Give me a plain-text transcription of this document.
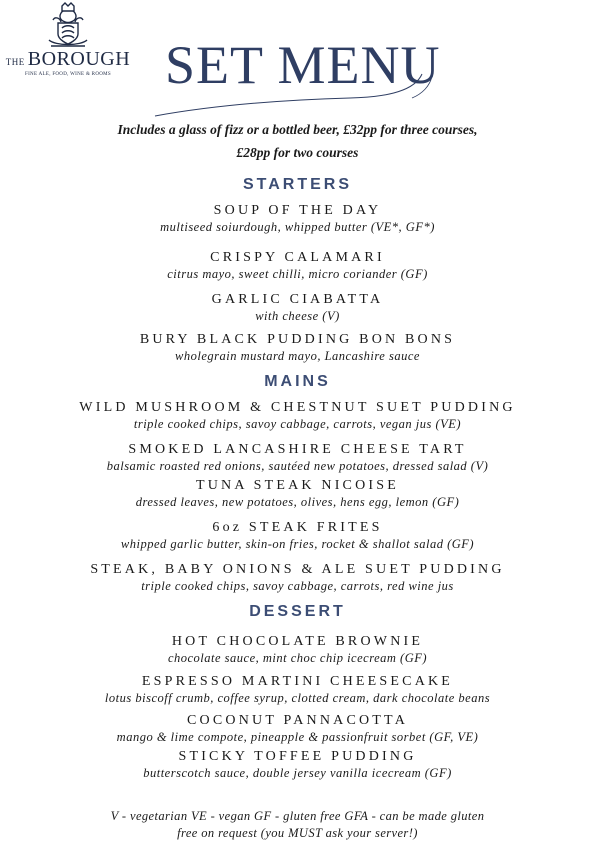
THE BOROUGH
FINE ALE, FOOD, WINE & ROOMS	SET MENU
Includes a glass of fizz or a bottled beer, £32pp for three courses,
£28pp for two courses
STARTERS
SOUP OF THE DAY
multiseed soiurdough, whipped butter (VE*, GF*)
CRISPY CALAMARI
citrus mayo, sweet chilli, micro coriander (GF)
GARLIC CIABATTA
with cheese (V)
BURY BLACK PUDDING BON BONS
wholegrain mustard mayo, Lancashire sauce
MAINS
WILD MUSHROOM & CHESTNUT SUET PUDDING
triple cooked chips, savoy cabbage, carrots, vegan jus (VE)
SMOKED LANCASHIRE CHEESE TART
balsamic roasted red onions, sautéed new potatoes, dressed salad (V)
TUNA STEAK NICOISE
dressed leaves, new potatoes, olives, hens egg, lemon (GF)
6oz STEAK FRITES
whipped garlic butter, skin-on fries, rocket & shallot salad (GF)
STEAK, BABY ONIONS & ALE SUET PUDDING
triple cooked chips, savoy cabbage, carrots, red wine jus
DESSERT
HOT CHOCOLATE BROWNIE
chocolate sauce, mint choc chip icecream (GF)
ESPRESSO MARTINI CHEESECAKE
lotus biscoff crumb, coffee syrup, clotted cream, dark chocolate beans
COCONUT PANNACOTTA
mango & lime compote, pineapple & passionfruit sorbet (GF, VE)
STICKY TOFFEE PUDDING
butterscotch sauce, double jersey vanilla icecream (GF)
V - vegetarian VE - vegan GF - gluten free GFA - can be made gluten
free on request (you MUST ask your server!)
